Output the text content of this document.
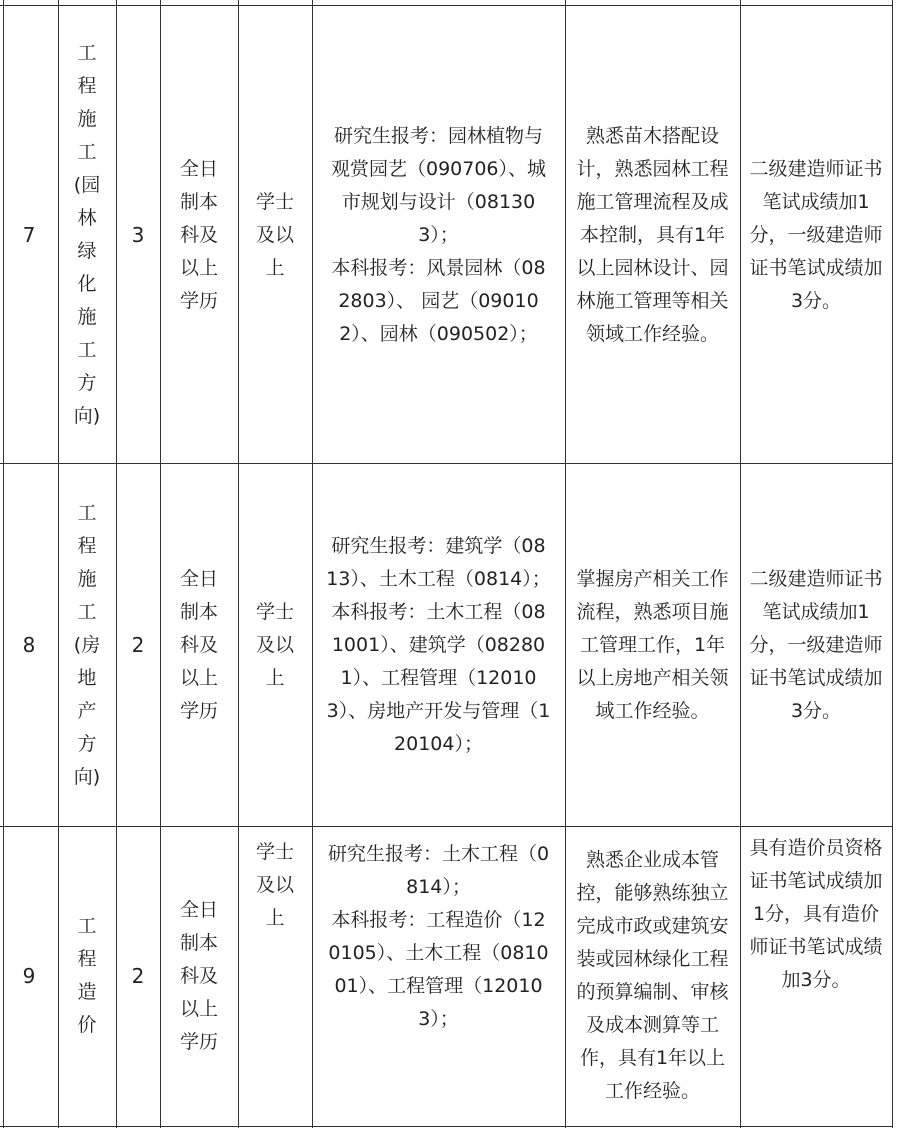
7
工程施工(园林绿化施工方向)
3
全日制本科及以上学历
学士及以上

研究生报考：园林植物与观赏园艺（090706）、城市规划与设计（081303）；

本科报考：风景园林（082803）、 园艺（090102）、园林（090502）；

熟悉苗木搭配设计，熟悉园林工程施工管理流程及成本控制，具有1年以上园林设计、园林施工管理等相关领域工作经验。
二级建造师证书笔试成绩加1分，一级建造师证书笔试成绩加3分。
8
工程施工(房地产方向)
2
全日制本科及以上学历
学士及以上

研究生报考：建筑学（0813）、土木工程（0814）；

本科报考：土木工程（081001）、建筑学（082801）、工程管理（120103）、房地产开发与管理（120104）；

掌握房产相关工作流程，熟悉项目施工管理工作，1年以上房地产相关领域工作经验。
二级建造师证书笔试成绩加1分，一级建造师证书笔试成绩加3分。
9
工程造价
2
全日制本科及以上学历
学士及以上

研究生报考：土木工程（0814）；

本科报考：工程造价（120105）、土木工程（081001）、工程管理（120103）；

熟悉企业成本管控，能够熟练独立完成市政或建筑安装或园林绿化工程的预算编制、审核及成本测算等工作，具有1年以上工作经验。
具有造价员资格证书笔试成绩加1分，具有造价师证书笔试成绩加3分。
